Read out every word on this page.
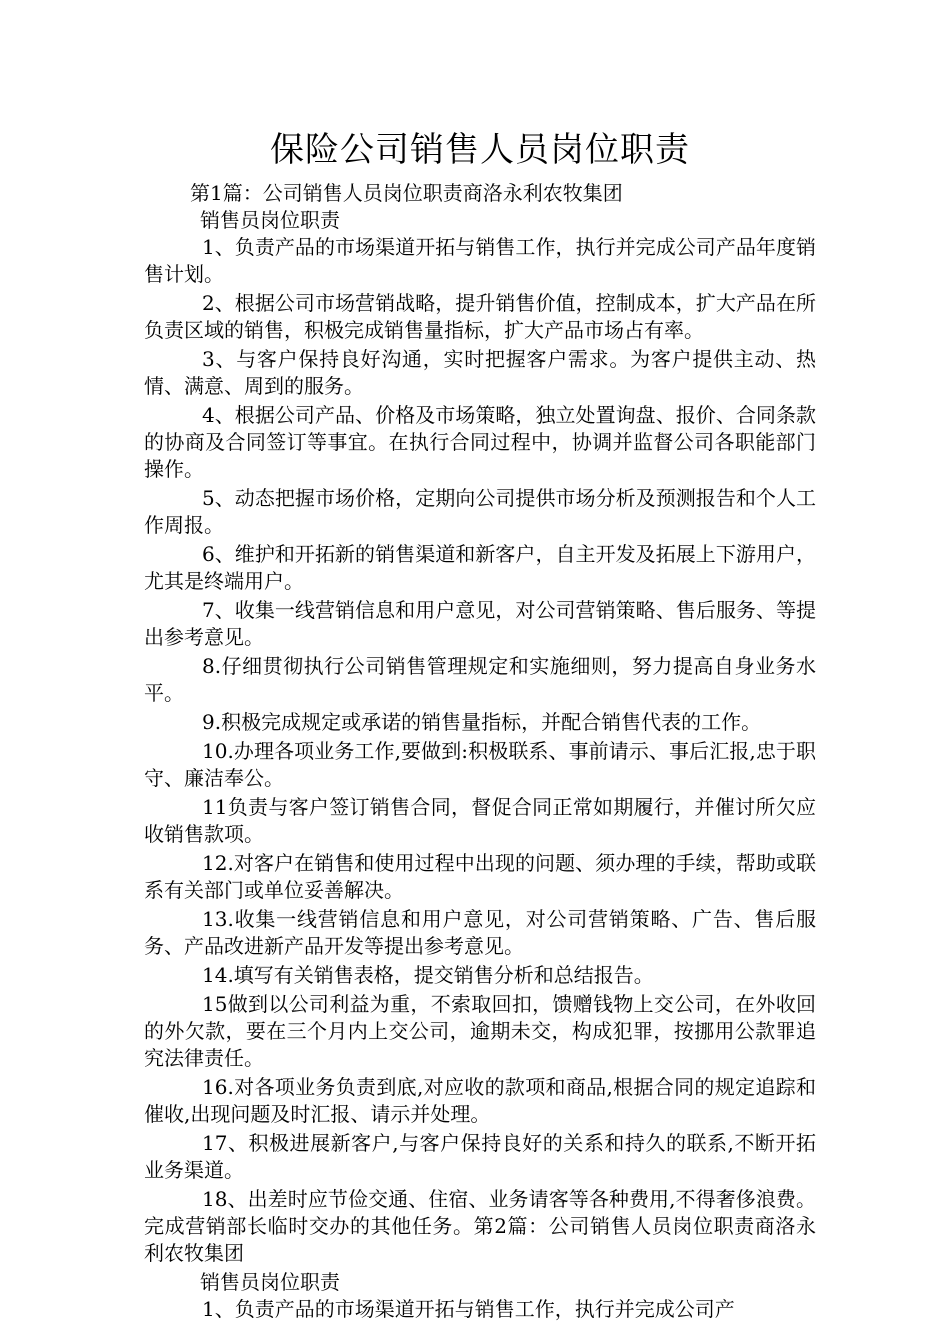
保险公司销售人员岗位职责
第1篇：公司销售人员岗位职责商洛永利农牧集团
销售员岗位职责

1、负责产品的市场渠道开拓与销售工作，执行并完成公司产品年度销售计划。

2、根据公司市场营销战略，提升销售价值，控制成本，扩大产品在所负责区域的销售，积极完成销售量指标，扩大产品市场占有率。

3、与客户保持良好沟通，实时把握客户需求。为客户提供主动、热情、满意、周到的服务。

4、根据公司产品、价格及市场策略，独立处置询盘、报价、合同条款的协商及合同签订等事宜。在执行合同过程中，协调并监督公司各职能部门操作。

5、动态把握市场价格，定期向公司提供市场分析及预测报告和个人工作周报。

6、维护和开拓新的销售渠道和新客户，自主开发及拓展上下游用户，尤其是终端用户。

7、收集一线营销信息和用户意见，对公司营销策略、售后服务、等提出参考意见。

8.仔细贯彻执行公司销售管理规定和实施细则，努力提高自身业务水平。

9.积极完成规定或承诺的销售量指标，并配合销售代表的工作。

10.办理各项业务工作,要做到:积极联系、事前请示、事后汇报,忠于职守、廉洁奉公。

11负责与客户签订销售合同，督促合同正常如期履行，并催讨所欠应收销售款项。

12.对客户在销售和使用过程中出现的问题、须办理的手续，帮助或联系有关部门或单位妥善解决。

13.收集一线营销信息和用户意见，对公司营销策略、广告、售后服务、产品改进新产品开发等提出参考意见。

14.填写有关销售表格，提交销售分析和总结报告。

15做到以公司利益为重，不索取回扣，馈赠钱物上交公司，在外收回的外欠款，要在三个月内上交公司，逾期未交，构成犯罪，按挪用公款罪追究法律责任。

16.对各项业务负责到底,对应收的款项和商品,根据合同的规定追踪和催收,出现问题及时汇报、请示并处理。

17、积极进展新客户,与客户保持良好的关系和持久的联系,不断开拓业务渠道。

18、出差时应节俭交通、住宿、业务请客等各种费用,不得奢侈浪费。完成营销部长临时交办的其他任务。第2篇：公司销售人员岗位职责商洛永利农牧集团

销售员岗位职责

1、负责产品的市场渠道开拓与销售工作，执行并完成公司产
